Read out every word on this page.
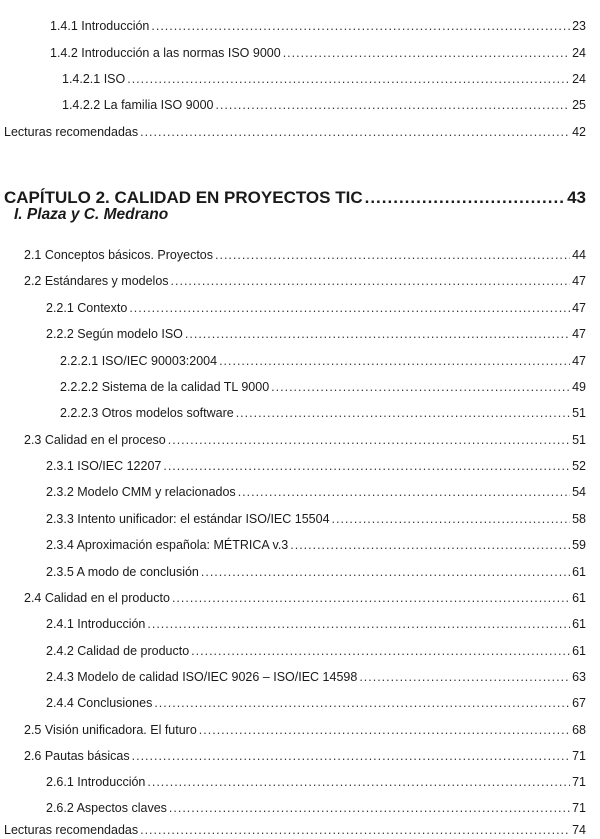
1.4.1 Introducción .....	23
1.4.2 Introducción a las normas ISO 9000 .....	24
1.4.2.1 ISO .....	24
1.4.2.2 La familia ISO 9000 .....	25
Lecturas recomendadas .....	42
CAPÍTULO 2. CALIDAD EN PROYECTOS TIC .....	43
I. Plaza y C. Medrano
2.1 Conceptos básicos. Proyectos .....	44
2.2 Estándares y modelos .....	47
2.2.1 Contexto .....	47
2.2.2 Según modelo ISO .....	47
2.2.2.1 ISO/IEC 90003:2004 .....	47
2.2.2.2 Sistema de la calidad TL 9000 .....	49
2.2.2.3 Otros modelos software .....	51
2.3 Calidad en el proceso .....	51
2.3.1 ISO/IEC 12207 .....	52
2.3.2 Modelo CMM y relacionados .....	54
2.3.3 Intento unificador: el estándar ISO/IEC 15504 .....	58
2.3.4 Aproximación española: MÉTRICA v.3 .....	59
2.3.5 A modo de conclusión .....	61
2.4 Calidad en el producto .....	61
2.4.1 Introducción .....	61
2.4.2 Calidad de producto .....	61
2.4.3 Modelo de calidad ISO/IEC 9026 – ISO/IEC 14598 .....	63
2.4.4 Conclusiones .....	67
2.5 Visión unificadora. El futuro .....	68
2.6 Pautas básicas .....	71
2.6.1 Introducción .....	71
2.6.2 Aspectos claves .....	71
Lecturas recomendadas .....	74
